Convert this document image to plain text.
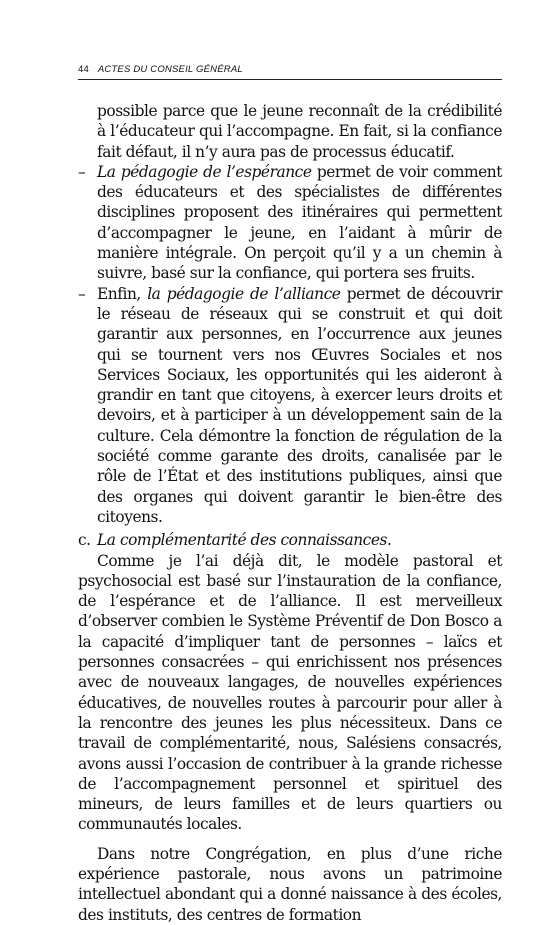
44 ACTES DU CONSEIL GÉNÉRAL

possible parce que le jeune reconnaît de la crédibilité à l’éducateur qui l’accompagne. En fait, si la confiance fait défaut, il n’y aura pas de processus éducatif.

– La pédagogie de l’espérance permet de voir comment des éducateurs et des spécialistes de différentes disciplines proposent des itinéraires qui permettent d’accompagner le jeune, en l’aidant à mûrir de manière intégrale. On perçoit qu’il y a un chemin à suivre, basé sur la confiance, qui portera ses fruits.

– Enfin, la pédagogie de l’alliance permet de découvrir le réseau de réseaux qui se construit et qui doit garantir aux personnes, en l’occurrence aux jeunes qui se tournent vers nos Œuvres Sociales et nos Services Sociaux, les opportunités qui les aideront à grandir en tant que citoyens, à exercer leurs droits et devoirs, et à participer à un développement sain de la culture. Cela démontre la fonction de régulation de la société comme garante des droits, canalisée par le rôle de l’État et des institutions publiques, ainsi que des organes qui doivent garantir le bien-être des citoyens.

c. La complémentarité des connaissances.

Comme je l’ai déjà dit, le modèle pastoral et psychosocial est basé sur l’instauration de la confiance, de l’espérance et de l’alliance. Il est merveilleux d’observer combien le Système Préventif de Don Bosco a la capacité d’impliquer tant de personnes – laïcs et personnes consacrées – qui enrichissent nos présences avec de nouveaux langages, de nouvelles expériences éducatives, de nouvelles routes à parcourir pour aller à la rencontre des jeunes les plus nécessiteux. Dans ce travail de complémentarité, nous, Salésiens consacrés, avons aussi l’occasion de contribuer à la grande richesse de l’accompagnement personnel et spirituel des mineurs, de leurs familles et de leurs quartiers ou communautés locales.

Dans notre Congrégation, en plus d’une riche expérience pastorale, nous avons un patrimoine intellectuel abondant qui a donné naissance à des écoles, des instituts, des centres de formation
